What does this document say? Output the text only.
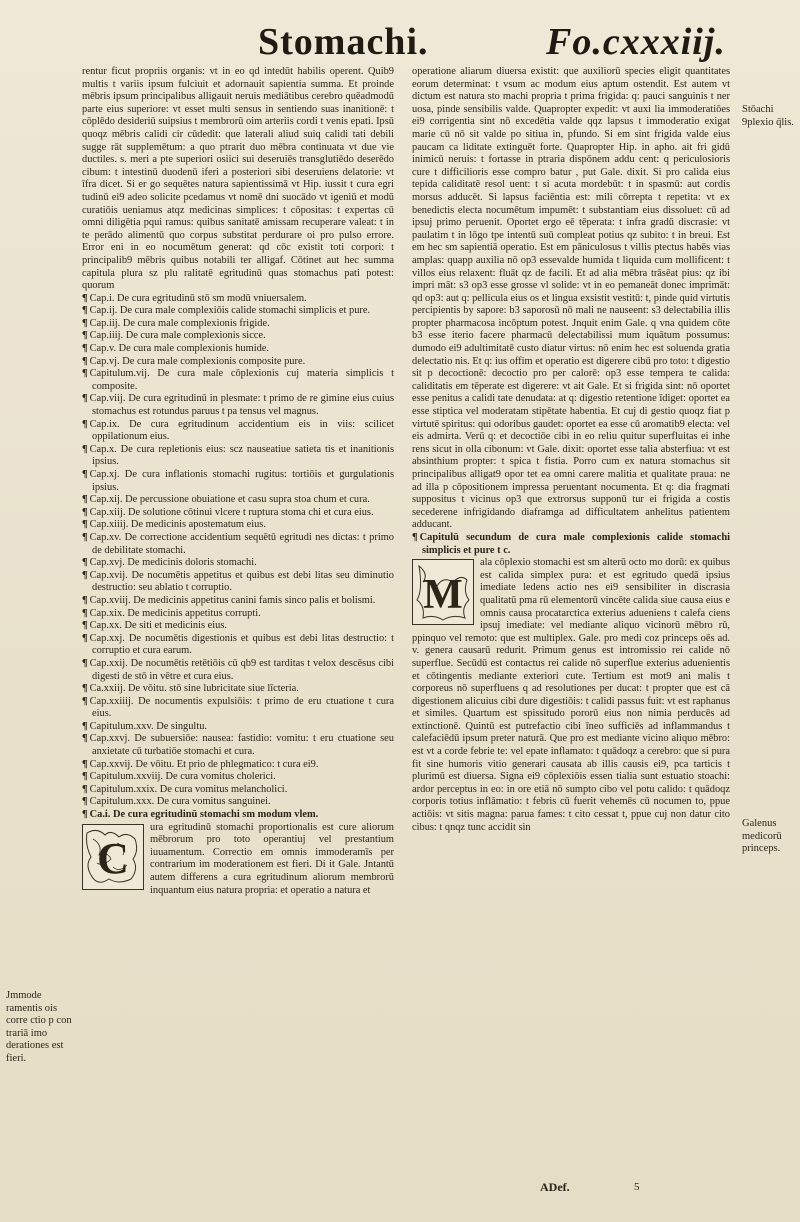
Stomachi.	Fo.cxxxiij.

rentur ficut propriis organis: vt in eo qd intedūt habilis operent. Quib9 multis t variis ipsum fulciuit et adornauit sapientia summa. Et proinde mēbris ipsum principalibus alligauit neruis mediātibus cerebro quēadmodū parte eius superiore: vt esset multi sensus in sentiendo suas inanitionē: t cōplēdo desideriū suipsius t membrorū oim arteriis cordi t venis epati. Ipsū quoqz mēbris calidi cir cūdedit: que laterali aliud suiq calidi tati debili sugge rāt supplemētum: a quo ptrarit duo mēbra continuata vt due vie ductiles. s. meri a pte superiori osiici sui deseruiēs transglutiēdo deserēdo cibum: t intestinū duodenū iferi a posteriori sibi deseruiens delatorie: vt īfra dicet. Si er go sequētes natura sapientissimā vt Hip. iussit t cura egri tudinū ei9 adeo solicite pcedamus vt nomē dni suocādo vt igeniū et modū curatiōis ueniamus atqz medicinas simplices: t cōpositas: t expertas cū omni diligētia pqui ramus: quibus sanitatē amissam recuperare valeat: t in te perādo alimentū quo corpus substitat perdurare oi pro pulso errore. Error eni in eo nocumētum generat: qd cōc existit toti corpori: t principalib9 mēbris quibus notabili ter alligaf. Cōtinet aut hec summa capitula plura sz plu ralitatē egritudinū quas stomachus pati potest: quorum

¶ Cap.i. De cura egritudinū stō sm modū vniuersalem.

¶ Cap.ij. De cura male complexiōis calide stomachi simplicis et pure.

¶ Cap.iij. De cura male complexionis frigide.

¶ Cap.iiij. De cura male complexionis sicce.

¶ Cap.v. De cura male complexionis humide.

¶ Cap.vj. De cura male complexionis composite pure.

¶ Capitulum.vij. De cura male cōplexionis cuj materia simplicis t composite.

¶ Cap.viij. De cura egritudinū in plesmate: t primo de re gimine eius cuius stomachus est rotundus paruus t pa tensus vel magnus.

¶ Cap.ix. De cura egritudinum accidentium eis in viis: scilicet oppilationum eius.

¶ Cap.x. De cura repletionis eius: scz nauseatiue satieta tis et inanitionis ipsius.

¶ Cap.xj. De cura inflationis stomachi rugitus: tortiōis et gurgulationis ipsius.

¶ Cap.xij. De percussione obuiatione et casu supra stoa chum et cura.

¶ Cap.xiij. De solutione cōtinui vlcere t ruptura stoma chi et cura eius.

¶ Cap.xiiij. De medicinis apostematum eius.

¶ Cap.xv. De correctione accidentium sequētū egritudi nes dictas: t primo de debilitate stomachi.

¶ Cap.xvj. De medicinis doloris stomachi.

¶ Cap.xvij. De nocumētis appetitus et quibus est debi litas seu diminutio destructio: seu ablatio t corruptio.

¶ Cap.xviij. De medicinis appetitus canini famis sinco palis et bolismi.

¶ Cap.xix. De medicinis appetitus corrupti.

¶ Cap.xx. De siti et medicinis eius.

¶ Cap.xxj. De nocumētis digestionis et quibus est debi litas destructio: t corruptio et cura earum.

¶ Cap.xxij. De nocumētis retētiōis cū qb9 est tarditas t velox descēsus cibi digesti de stō in vētre et cura eius.

¶ Ca.xxiij. De vōitu. stō sine lubricitate siue līcteria.

¶ Cap.xxiiij. De nocumentis expulsiōis: t primo de eru ctuatione t cura eius.

¶ Capitulum.xxv. De singultu.

¶ Cap.xxvj. De subuersiōe: nausea: fastidio: vomitu: t eru ctuatione seu anxietate cū turbatiōe stomachi et cura.

¶ Cap.xxvij. De vōitu. Et prio de phlegmatico: t cura ei9.

¶ Capitulum.xxviij. De cura vomitus cholerici.

¶ Capitulum.xxix. De cura vomitus melancholici.

¶ Capitulum.xxx. De cura vomitus sanguinei.

¶ Ca.i. De cura egritudinū stomachi sm modum vlem.

C

ura egritudinū stomachi proportionalis est cure aliorum mēbrorum pro toto operantiuj vel prestantium iuuamentum. Correctio em omnis immoderamīs per contrarium im moderationem est fieri. Di it Gale. Jntantū autem differens a cura egritudinum aliorum membrorū inquantum eius natura propria: et operatio a natura et

operatione aliarum diuersa existit: que auxiliorū species eligit quantitates eorum determinat: t vsum ac modum eius aptum ostendit. Est autem vt dictum est natura sto machi propria t prima frigida: q: pauci sanguinis t ner uosa, pinde sensibilis valde. Quapropter expedit: vt auxi lia immoderatiōes ei9 corrigentia sint nō excedētia valde qqz lapsus t immoderatio exigat marie cū nō sit valde po sitiua in, pfundo. Si em sint frigida valde eius paucam ca liditate extinguēt forte. Quapropter Hip. in apho. ait fri gidū inimicū neruis: t fortasse in ptraria dispōnem addu cent: q periculosioris cure t difficilioris esse compro batur , put Gale. dixit. Si pro calida eius tepida caliditatē resol uent: t si acuta mordebūt: t in spasmū: aut cordis morsus adducēt. Si lapsus faciēntia est: mili cōrrepta t repetita: vt ex benedictis electa nocumētum impumēt: t substantiam eius dissoluet: cū ad ipsuj primo peruenit. Oportet ergo eē tēperata: t infra gradū discrasie: vt paulatim t in lōgo tpe intentū suū compleat potius qz subito: t in breui. Est em hec sm sapientiā operatio. Est em pāniculosus t villis ptectus habēs vias amplas: quapp auxilia nō op3 essevalde humida t liquida cum mollificent: t villos eius relaxent: fluāt qz de facili. Et ad alia mēbra trāsēat pius: qz ibi impri māt: s3 op3 esse grosse vl solide: vt in eo pemaneāt donec imprimāt: qd op3: aut q: pellicula eius os et lingua exsistit vestitū: t, pinde quid virtutis percipientis by sapore: b3 saporosū nō mali ne nauseent: s3 delectabilia illis propter pharmacosa incōptum potest. Jnquit enim Gale. q vna quidem cōte b3 esse iterio facere pharmacū delectabilissi mum iquātum possumus: dumodo ei9 adultimitatē custo diatur virtus: nō enim hec est soluenda gratia delectatio nis. Et q: ius offim et operatio est digerere cibū pro toto: t digestio sit p decoctionē: decoctio pro per calorē: op3 esse tempera te calida: caliditatis em tēperate est digerere: vt ait Gale. Et si frigida sint: nō oportet esse penitus a calidi tate denudata: at q: digestio retentione īdiget: oportet ea esse stiptica vel moderatam stipētate habentia. Et cuj di gestio quoqz fiat p virtutē spiritus: qui odoribus gaudet: oportet ea esse cū aromatib9 electa: vel eis admirta. Verū q: et decoctiōe cibi in eo reliu quitur superfluitas ei inhe rens sicut in olla cibonum: vt Gale. dixit: oportet esse talia absterfiua: vt est absinthium propter: t spica t fistia. Porro cum ex natura stomachus sit principalibus alligat9 opor tet ea omni carere malitia et qualitate praua: ne ad illa p cōpositionem impressa peruentant nocumenta. Et q: dia fragmati suppositus t vicinus op3 que extrorsus supponū tur ei frigida a costis secederene infrigidando diaframga ad difficultatem anhelitus patientem adducant.

¶ Capitulū secundum de cura male complexionis calide stomachi simplicis et pure t c.

M

ala cōplexio stomachi est sm alterū octo mo dorū: ex quibus est calida simplex pura: et est egritudo quedā ipsius imediate ledens actio nes ei9 sensibiliter in discrasia qualitatū pma rū elementorū vincēte calida siue causa eius e omnis causa procatarctica exterius adueniens t calefa ciens ipsuj imediate: vel mediante aliquo vicinorū mēbro rū, ppinquo vel remoto: que est multiplex. Gale. pro medi coz princeps oēs ad. v. genera causarū redurit. Primum genus est intromissio rei calide nō superflue. Secūdū est contactus rei calide nō superflue exterius aduenientis et cōtingentis mediante exteriori cute. Tertium est mot9 ani malis t corporeus nō superfluens q ad resolutiones per ducat: t propter que est cā digestionem alicuius cibi dure digestiōis: t calidi passus fuit: vt est raphanus et similes. Quartum est spissitudo pororū eius non nimia perducēs ad extinctionē. Quintū est putrefactio cibi īneo sufficiēs ad inflammandus t calefaciēdū ipsum preter naturā. Que pro est mediante vicino aliquo mēbro: est vt a corde febrie te: vel epate inflamato: t quādoqz a cerebro: que si pura fit sine humoris vitio generari causata ab illis causis ei9, pca tarticis t plurimū est diuersa. Signa ei9 cōplexiōis essen tialia sunt estuatio stoachi: ardor perceptus in eo: in ore etiā nō sumpto cibo vel potu calido: t quādoqz corporis totius inflāmatio: t febris cū fuerit vehemēs cū nocumen to, ppue actiōis: vt sitis magna: parua fames: t cito cessat t, ppue cuj non datur cito cibus: t qnqz tunc accidit sin

Stōachi 9plexio q̄lis.
Galenus medicorū princeps.
Jmmode ramentis ois corre ctio p con trariā imo derationes est fieri.
ADef.	5
